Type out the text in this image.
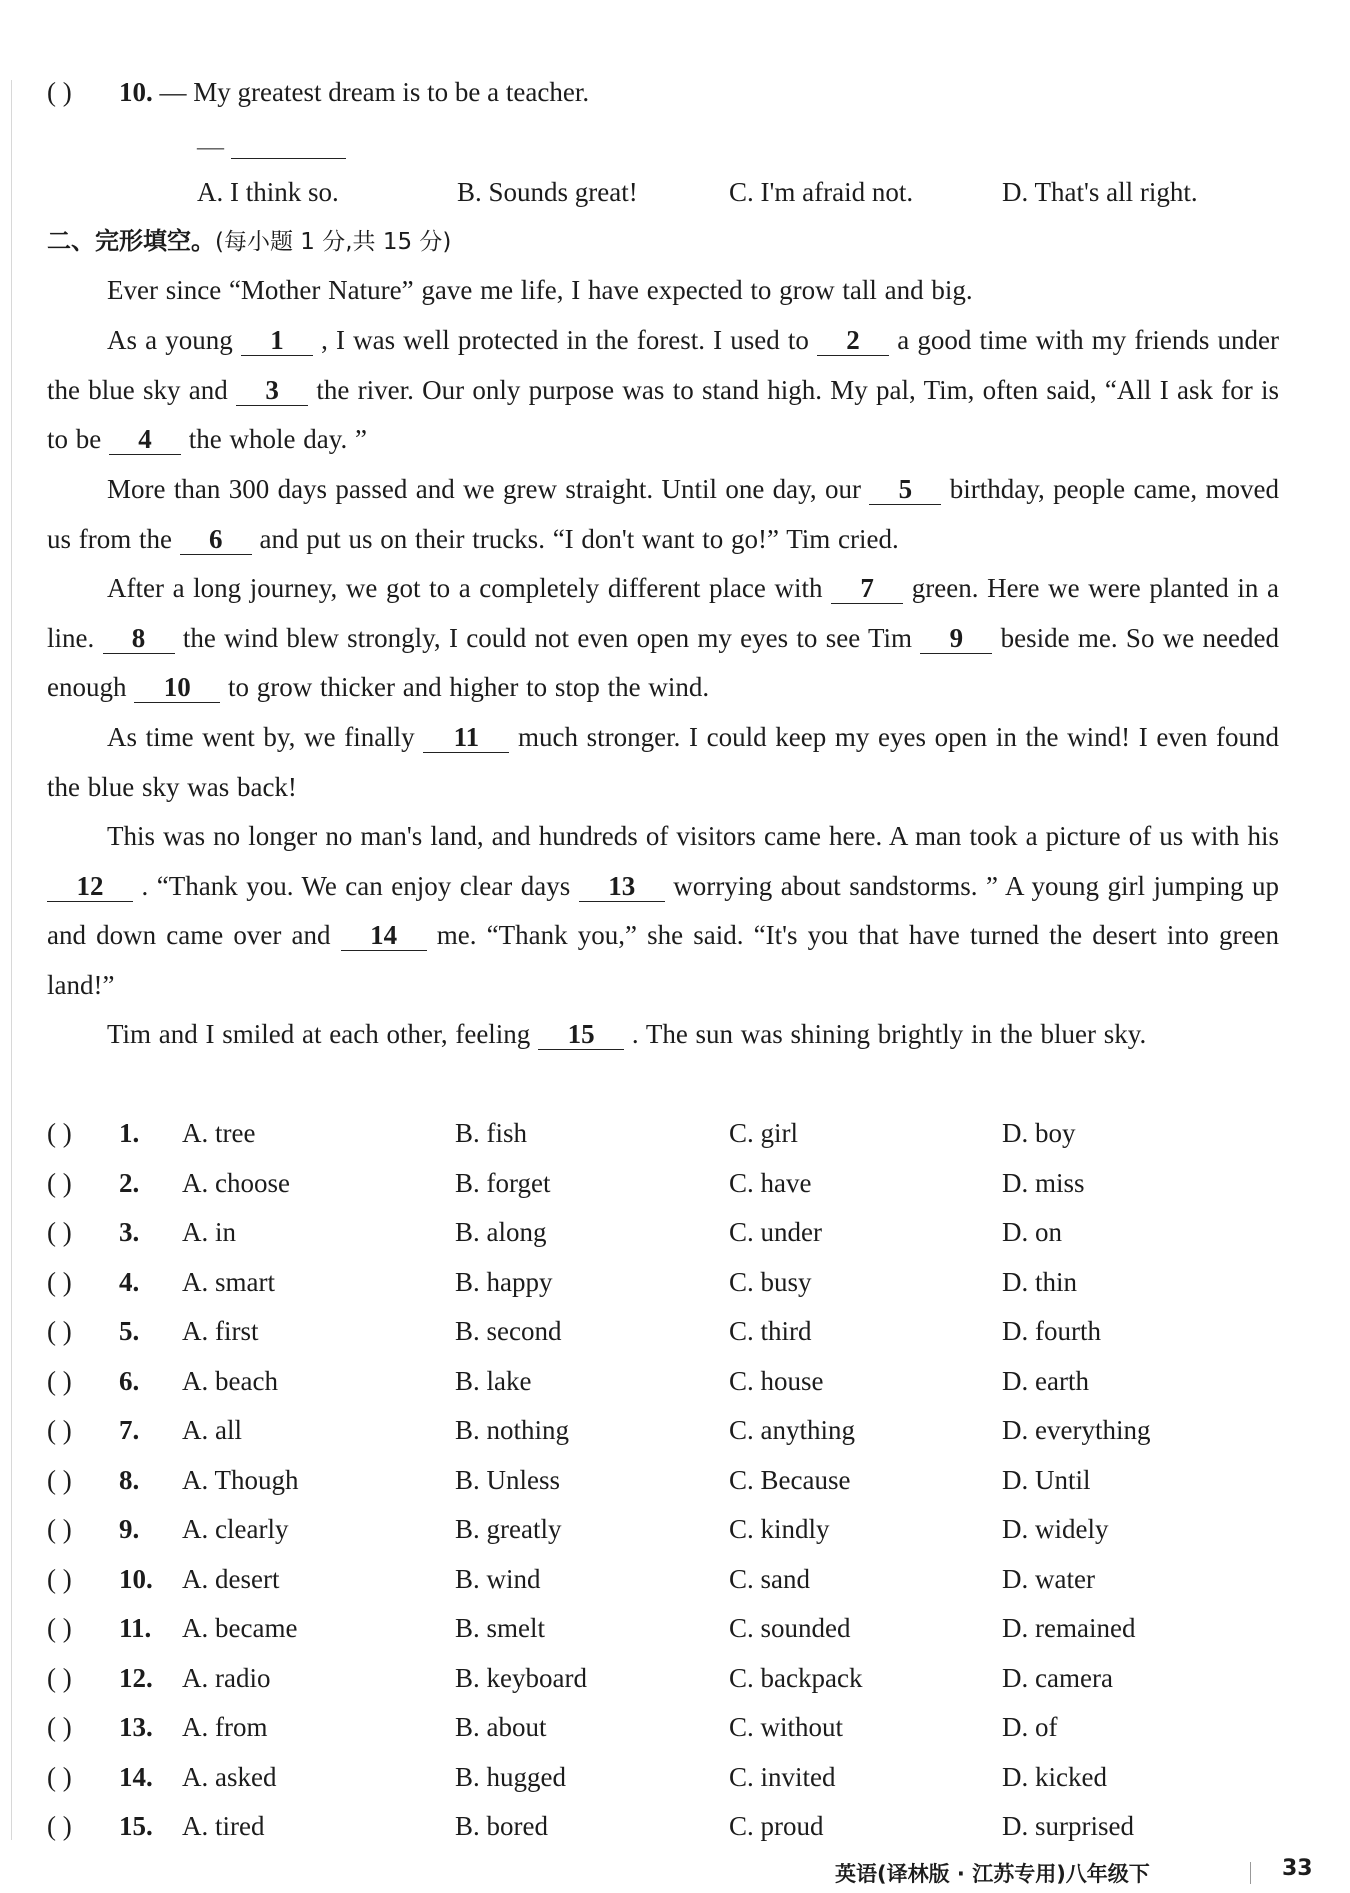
( ) 10. — My greatest dream is to be a teacher.
—
A. I think so.	B. Sounds great!	C. I'm afraid not.	D. That's all right.
二、完形填空。(每小题 1 分,共 15 分)
Ever since “Mother Nature” gave me life, I have expected to grow tall and big.
As a young 1 , I was well protected in the forest. I used to 2 a good time with my friends under the blue sky and 3 the river. Our only purpose was to stand high. My pal, Tim, often said, “All I ask for is to be 4 the whole day. ”
More than 300 days passed and we grew straight. Until one day, our 5 birthday, people came, moved us from the 6 and put us on their trucks. “I don't want to go!” Tim cried.
After a long journey, we got to a completely different place with 7 green. Here we were planted in a line. 8 the wind blew strongly, I could not even open my eyes to see Tim 9 beside me. So we needed enough 10 to grow thicker and higher to stop the wind.
As time went by, we finally 11 much stronger. I could keep my eyes open in the wind! I even found the blue sky was back!
This was no longer no man's land, and hundreds of visitors came here. A man took a picture of us with his 12 . “Thank you. We can enjoy clear days 13 worrying about sandstorms. ” A young girl jumping up and down came over and 14 me. “Thank you,” she said. “It's you that have turned the desert into green land!”
Tim and I smiled at each other, feeling 15 . The sun was shining brightly in the bluer sky.
( ) 1. A. tree	B. fish	C. girl	D. boy
( ) 2. A. choose	B. forget	C. have	D. miss
( ) 3. A. in	B. along	C. under	D. on
( ) 4. A. smart	B. happy	C. busy	D. thin
( ) 5. A. first	B. second	C. third	D. fourth
( ) 6. A. beach	B. lake	C. house	D. earth
( ) 7. A. all	B. nothing	C. anything	D. everything
( ) 8. A. Though	B. Unless	C. Because	D. Until
( ) 9. A. clearly	B. greatly	C. kindly	D. widely
( ) 10. A. desert	B. wind	C. sand	D. water
( ) 11. A. became	B. smelt	C. sounded	D. remained
( ) 12. A. radio	B. keyboard	C. backpack	D. camera
( ) 13. A. from	B. about	C. without	D. of
( ) 14. A. asked	B. hugged	C. invited	D. kicked
( ) 15. A. tired	B. bored	C. proud	D. surprised
英语(译林版 · 江苏专用)八年级下	33
